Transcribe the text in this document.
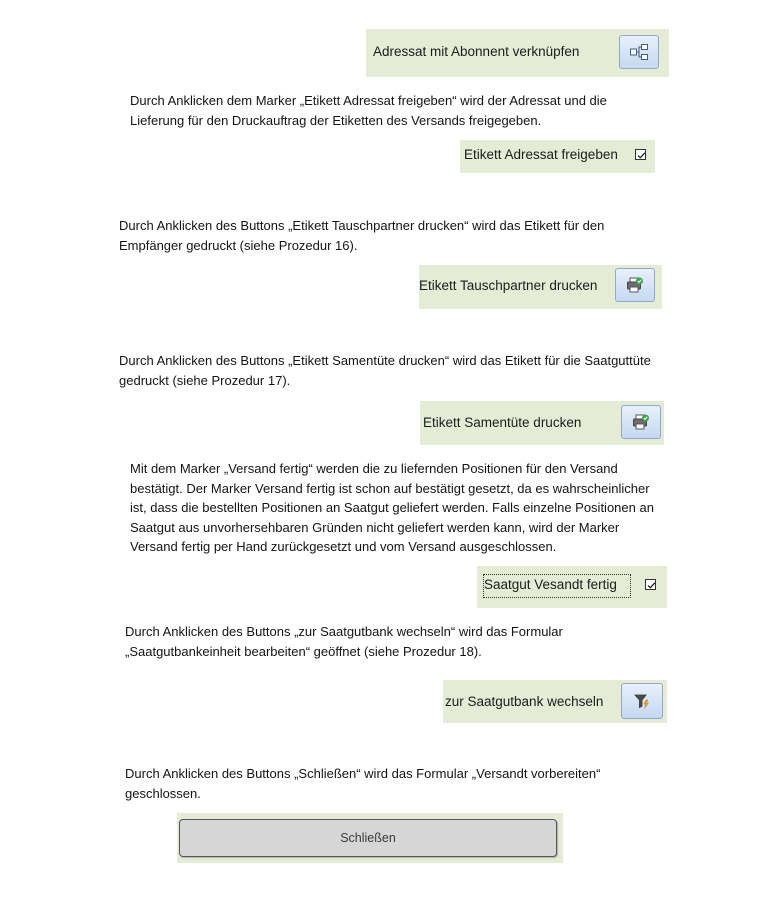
Adressat mit Abonnent verknüpfen
Durch Anklicken dem Marker „Etikett Adressat freigeben“ wird der Adressat und die
Lieferung für den Druckauftrag der Etiketten des Versands freigegeben.
Etikett Adressat freigeben
Durch Anklicken des Buttons „Etikett Tauschpartner drucken“ wird das Etikett für den
Empfänger gedruckt (siehe Prozedur 16).
Etikett Tauschpartner drucken
Durch Anklicken des Buttons „Etikett Samentüte drucken“ wird das Etikett für die Saatguttüte
gedruckt (siehe Prozedur 17).
Etikett Samentüte drucken
Mit dem Marker „Versand fertig“ werden die zu liefernden Positionen für den Versand
bestätigt. Der Marker Versand fertig ist schon auf bestätigt gesetzt, da es wahrscheinlicher
ist, dass die bestellten Positionen an Saatgut geliefert werden. Falls einzelne Positionen an
Saatgut aus unvorhersehbaren Gründen nicht geliefert werden kann, wird der Marker
Versand fertig per Hand zurückgesetzt und vom Versand ausgeschlossen.
Saatgut Vesandt fertig
Durch Anklicken des Buttons „zur Saatgutbank wechseln“ wird das Formular
„Saatgutbankeinheit bearbeiten“ geöffnet (siehe Prozedur 18).
zur Saatgutbank wechseln
Durch Anklicken des Buttons „Schließen“ wird das Formular „Versandt vorbereiten“
geschlossen.
Schließen
